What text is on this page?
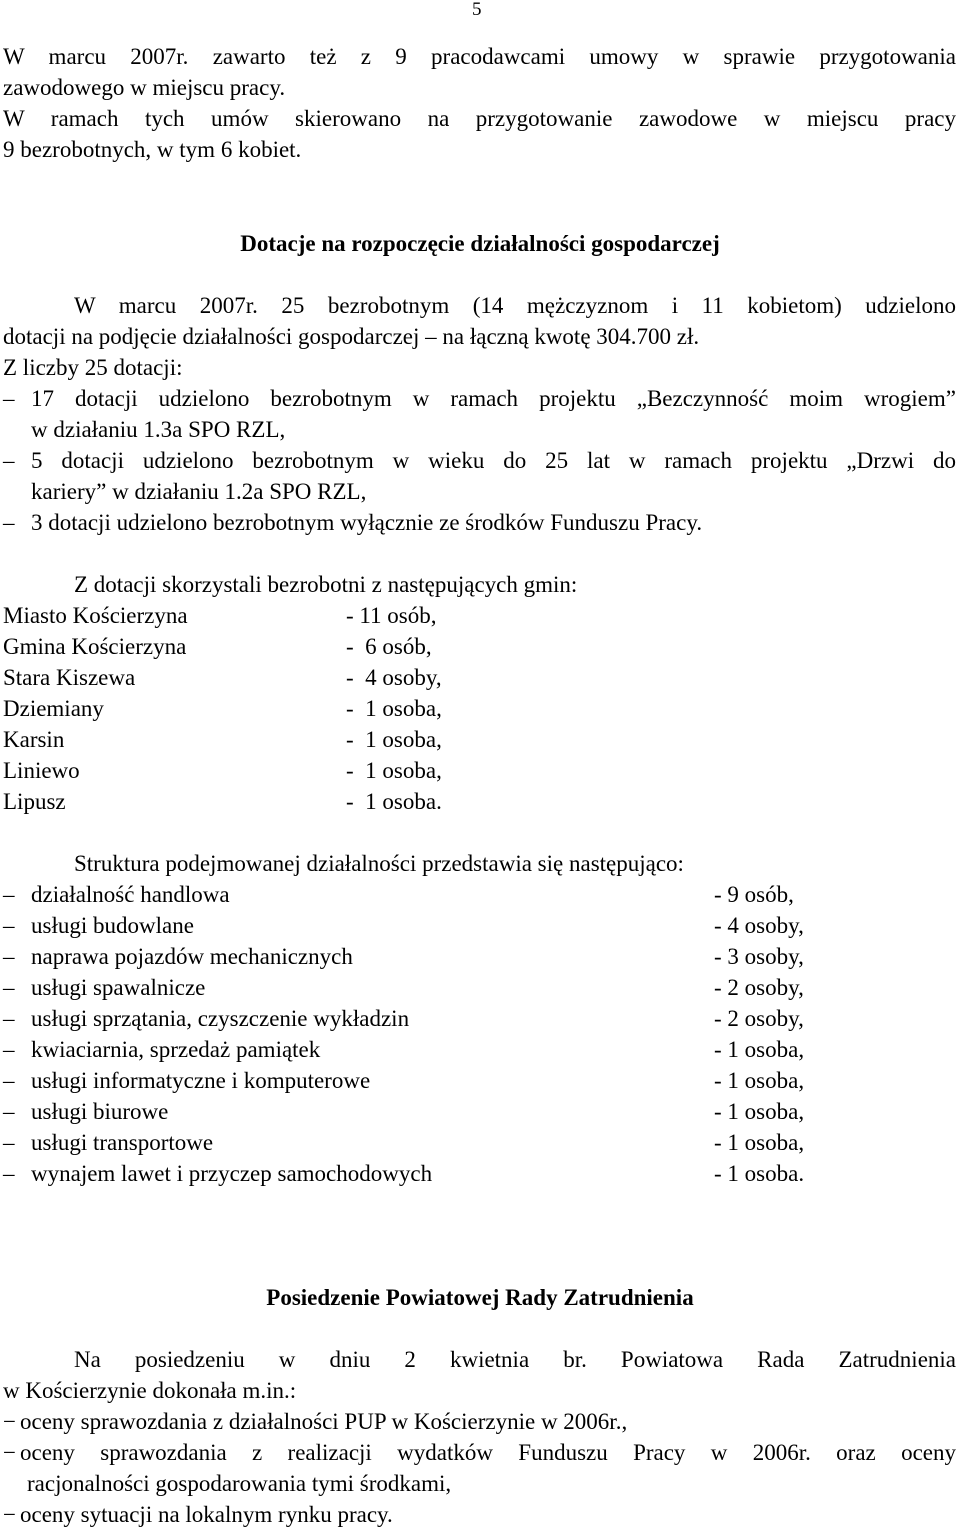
5
W marcu 2007r. zawarto też z 9 pracodawcami umowy w sprawie przygotowania
zawodowego w miejscu pracy.
W ramach tych umów skierowano na przygotowanie zawodowe w miejscu pracy
9 bezrobotnych, w tym 6 kobiet.
Dotacje na rozpoczęcie działalności gospodarczej
W marcu 2007r. 25 bezrobotnym (14 mężczyznom i 11 kobietom) udzielono
dotacji na podjęcie działalności gospodarczej – na łączną kwotę 304.700 zł.
Z liczby 25 dotacji:
– 17 dotacji udzielono bezrobotnym w ramach projektu „Bezczynność moim wrogiem”
w działaniu 1.3a SPO RZL,
– 5 dotacji udzielono bezrobotnym w wieku do 25 lat w ramach projektu „Drzwi do
kariery” w działaniu 1.2a SPO RZL,
– 3 dotacji udzielono bezrobotnym wyłącznie ze środków Funduszu Pracy.
Z dotacji skorzystali bezrobotni z następujących gmin:
Miasto Kościerzyna	- 11 osób,
Gmina Kościerzyna	-  6 osób,
Stara Kiszewa	-  4 osoby,
Dziemiany	-  1 osoba,
Karsin	-  1 osoba,
Liniewo	-  1 osoba,
Lipusz	-  1 osoba.
Struktura podejmowanej działalności przedstawia się następująco:
– działalność handlowa	- 9 osób,
– usługi budowlane	- 4 osoby,
– naprawa pojazdów mechanicznych	- 3 osoby,
– usługi spawalnicze	- 2 osoby,
– usługi sprzątania, czyszczenie wykładzin	- 2 osoby,
– kwiaciarnia, sprzedaż pamiątek	- 1 osoba,
– usługi informatyczne i komputerowe	- 1 osoba,
– usługi biurowe	- 1 osoba,
– usługi transportowe	- 1 osoba,
– wynajem lawet i przyczep samochodowych	- 1 osoba.
Posiedzenie Powiatowej Rady Zatrudnienia
Na posiedzeniu w dniu 2 kwietnia br. Powiatowa Rada Zatrudnienia
w Kościerzynie dokonała m.in.:
− oceny sprawozdania z działalności PUP w Kościerzynie w 2006r.,
− oceny sprawozdania z realizacji wydatków Funduszu Pracy w 2006r. oraz oceny
racjonalności gospodarowania tymi środkami,
− oceny sytuacji na lokalnym rynku pracy.
